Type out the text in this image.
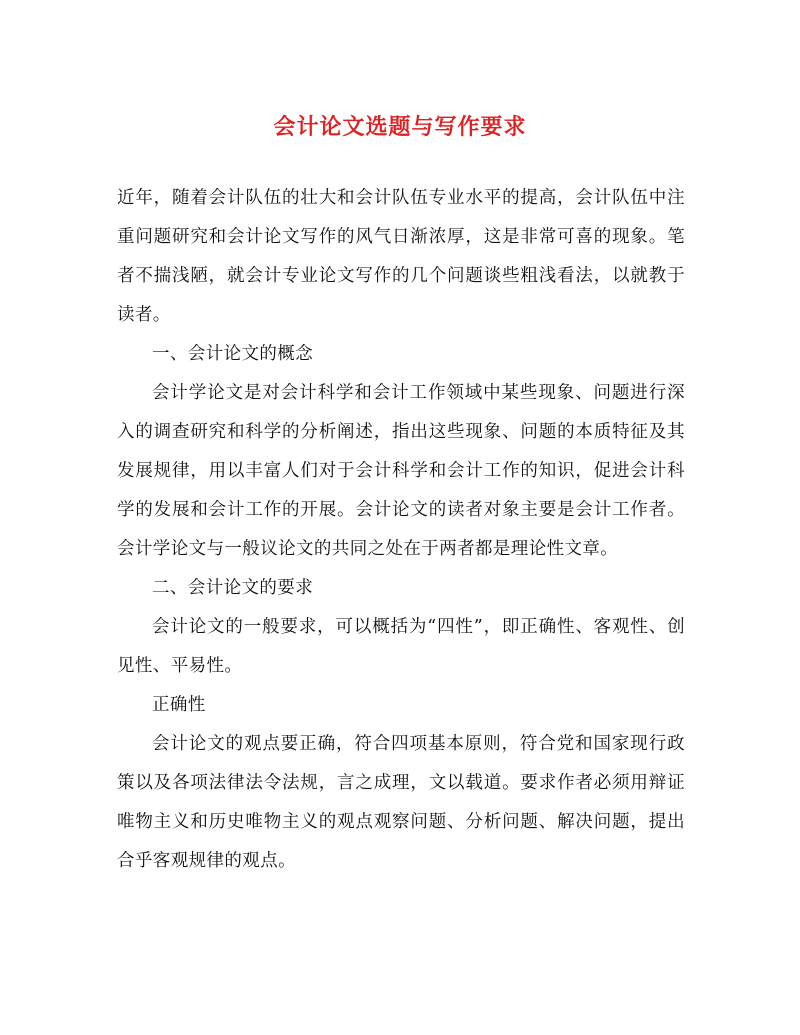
会计论文选题与写作要求

近年，随着会计队伍的壮大和会计队伍专业水平的提高，会计队伍中注重问题研究和会计论文写作的风气日渐浓厚，这是非常可喜的现象。笔者不揣浅陋，就会计专业论文写作的几个问题谈些粗浅看法，以就教于读者。

一、会计论文的概念

会计学论文是对会计科学和会计工作领域中某些现象、问题进行深入的调查研究和科学的分析阐述，指出这些现象、问题的本质特征及其发展规律，用以丰富人们对于会计科学和会计工作的知识，促进会计科学的发展和会计工作的开展。会计论文的读者对象主要是会计工作者。会计学论文与一般议论文的共同之处在于两者都是理论性文章。

二、会计论文的要求

会计论文的一般要求，可以概括为“四性”，即正确性、客观性、创见性、平易性。

正确性

会计论文的观点要正确，符合四项基本原则，符合党和国家现行政策以及各项法律法令法规，言之成理，文以载道。要求作者必须用辩证唯物主义和历史唯物主义的观点观察问题、分析问题、解决问题，提出合乎客观规律的观点。
